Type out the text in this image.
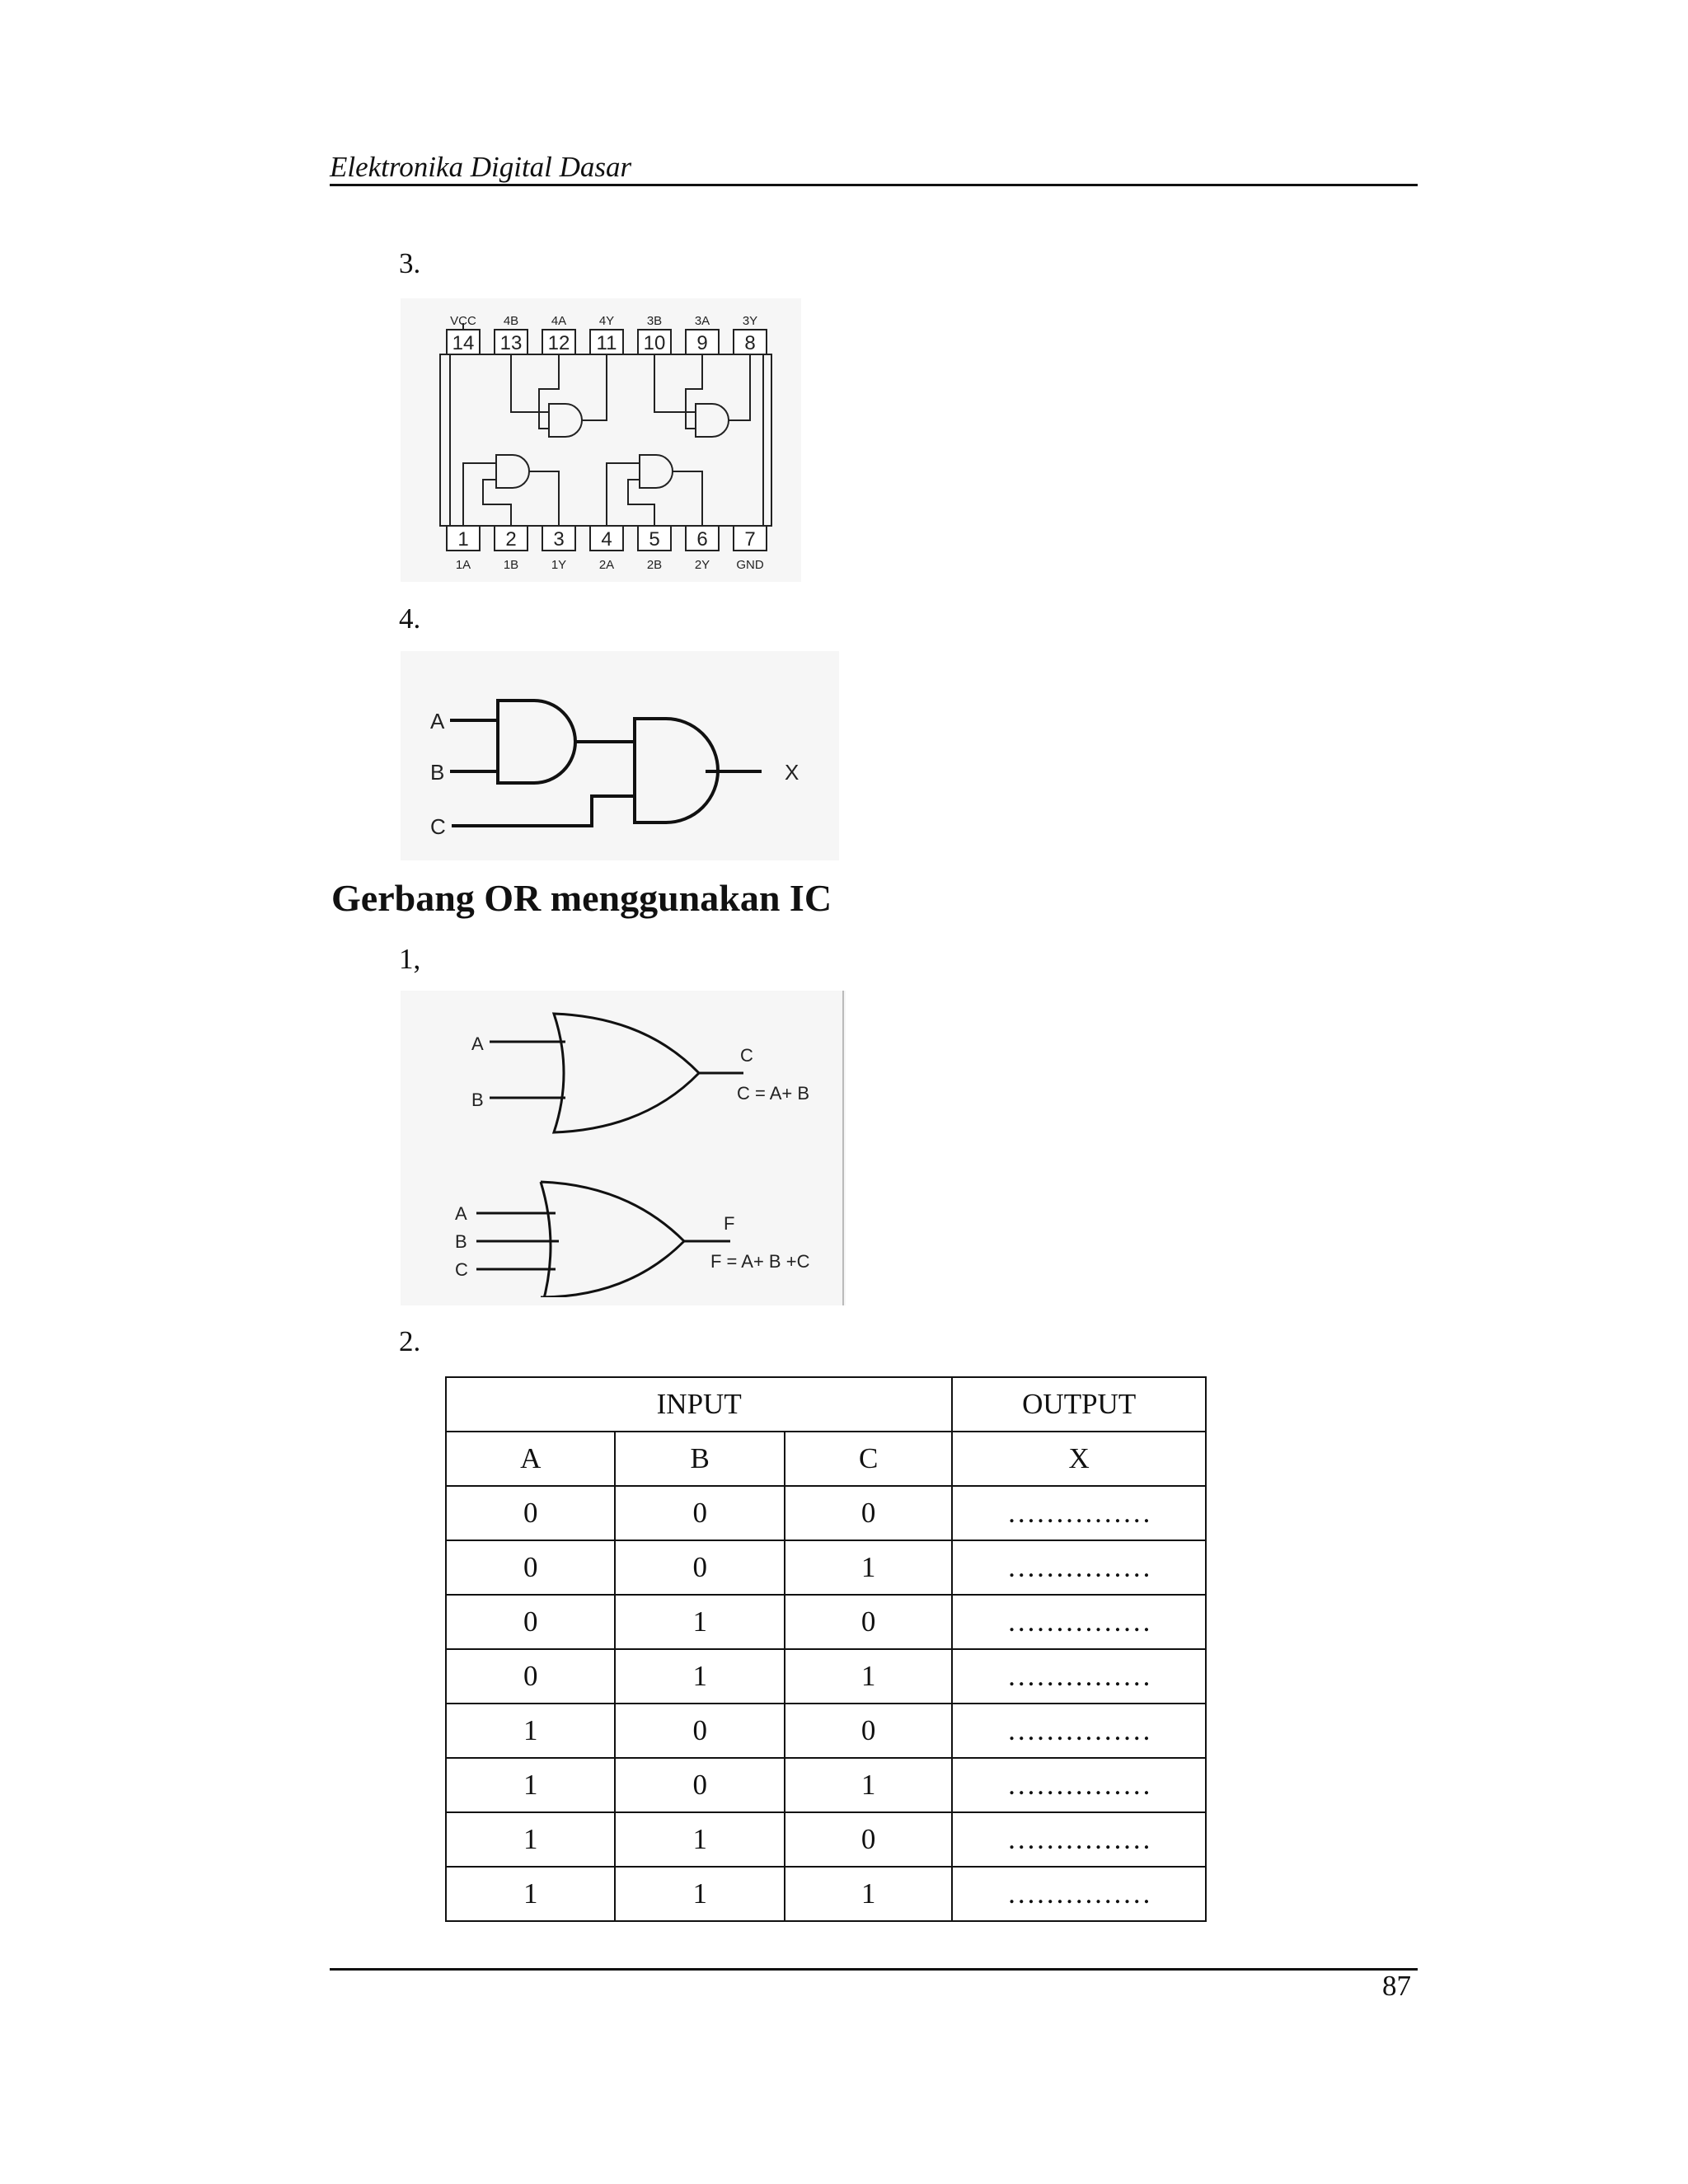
Elektronika Digital Dasar
3.
VCC 4B	4A	4Y	3B	3A	3Y
14 13 12 11 10 9 8
1 2 3 4 5 6 7
1A	1B	1Y	2A	2B	2Y GND
4.
A
B
C
X
Gerbang OR menggunakan IC
1,
A
B
C
C = A+ B
A
B
C
F
F = A+ B +C
2.
INPUT			OUTPUT
A	B	C	X
0	0	0	……………
0	0	1	……………
0	1	0	……………
0	1	1	……………
1	0	0	……………
1	0	1	……………
1	1	0	……………
1	1	1	……………
87
